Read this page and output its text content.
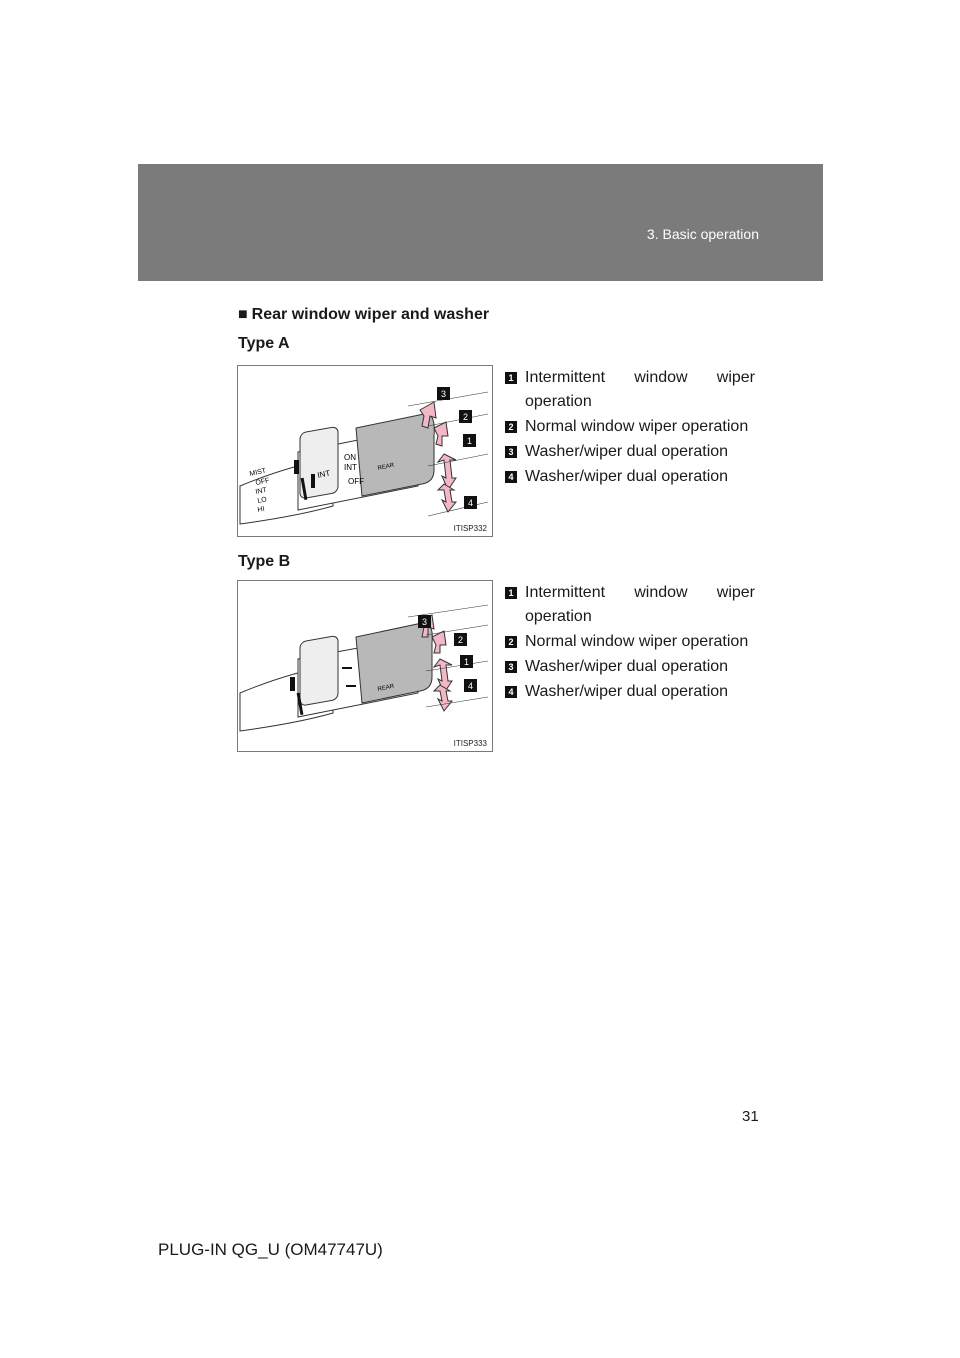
3. Basic operation
■ Rear window wiper and washer
Type A
MIST
OFF
INT
LO
HI
INT
ON
INT
OFF
REAR
3
2
1
4
ITISP332
1 Intermittent window wiper operation
2 Normal window wiper operation
3 Washer/wiper dual operation
4 Washer/wiper dual operation
Type B
REAR
3
2
1
4
ITISP333
1 Intermittent window wiper operation
2 Normal window wiper operation
3 Washer/wiper dual operation
4 Washer/wiper dual operation
31
PLUG-IN QG_U (OM47747U)
